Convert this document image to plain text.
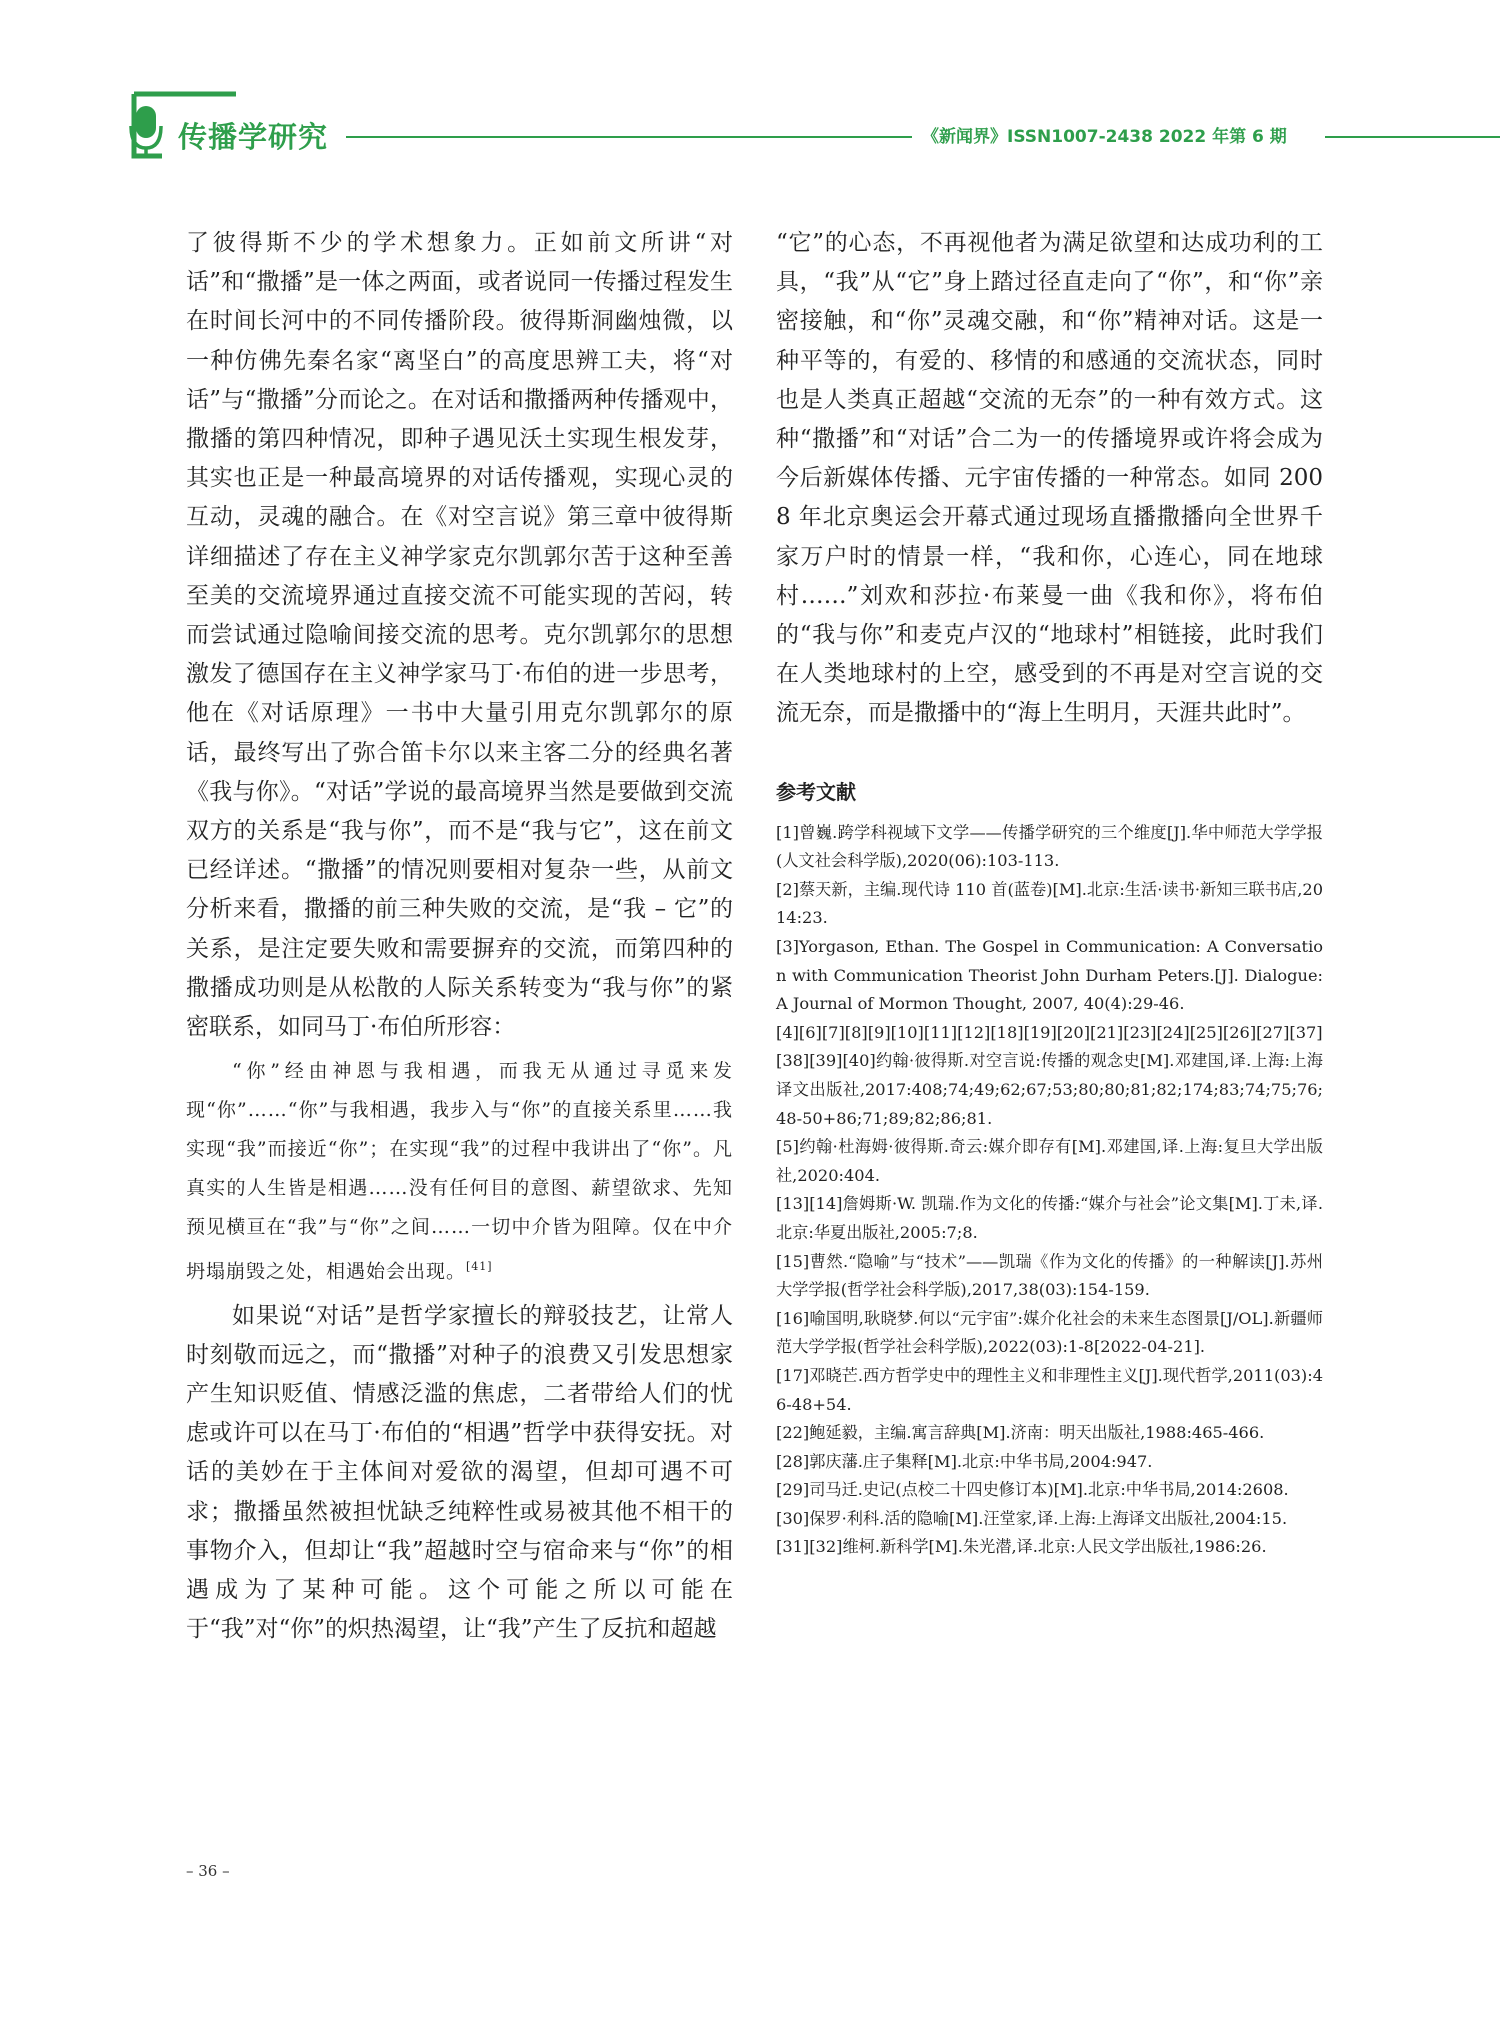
传播学研究	《新闻界》ISSN1007-2438 2022 年第 6 期

了彼得斯不少的学术想象力。正如前文所讲“对话”和“撒播”是一体之两面，或者说同一传播过程发生在时间长河中的不同传播阶段。彼得斯洞幽烛微，以一种仿佛先秦名家“离坚白”的高度思辨工夫，将“对话”与“撒播”分而论之。在对话和撒播两种传播观中，撒播的第四种情况，即种子遇见沃土实现生根发芽，其实也正是一种最高境界的对话传播观，实现心灵的互动，灵魂的融合。在《对空言说》第三章中彼得斯详细描述了存在主义神学家克尔凯郭尔苦于这种至善至美的交流境界通过直接交流不可能实现的苦闷，转而尝试通过隐喻间接交流的思考。克尔凯郭尔的思想激发了德国存在主义神学家马丁·布伯的进一步思考，他在《对话原理》一书中大量引用克尔凯郭尔的原话，最终写出了弥合笛卡尔以来主客二分的经典名著《我与你》。“对话”学说的最高境界当然是要做到交流双方的关系是“我与你”，而不是“我与它”，这在前文已经详述。“撒播”的情况则要相对复杂一些，从前文分析来看，撒播的前三种失败的交流，是“我 – 它”的关系，是注定要失败和需要摒弃的交流，而第四种的撒播成功则是从松散的人际关系转变为“我与你”的紧密联系，如同马丁·布伯所形容：

“你”经由神恩与我相遇，而我无从通过寻觅来发现“你”……“你”与我相遇，我步入与“你”的直接关系里……我实现“我”而接近“你”；在实现“我”的过程中我讲出了“你”。凡真实的人生皆是相遇……没有任何目的意图、薪望欲求、先知预见横亘在“我”与“你”之间……一切中介皆为阻障。仅在中介坍塌崩毁之处，相遇始会出现。[41]

如果说“对话”是哲学家擅长的辩驳技艺，让常人时刻敬而远之，而“撒播”对种子的浪费又引发思想家产生知识贬值、情感泛滥的焦虑，二者带给人们的忧虑或许可以在马丁·布伯的“相遇”哲学中获得安抚。对话的美妙在于主体间对爱欲的渴望，但却可遇不可求；撒播虽然被担忧缺乏纯粹性或易被其他不相干的事物介入，但却让“我”超越时空与宿命来与“你”的相遇成为了某种可能。这个可能之所以可能在于“我”对“你”的炽热渴望，让“我”产生了反抗和超越

“它”的心态，不再视他者为满足欲望和达成功利的工具，“我”从“它”身上踏过径直走向了“你”，和“你”亲密接触，和“你”灵魂交融，和“你”精神对话。这是一种平等的，有爱的、移情的和感通的交流状态，同时也是人类真正超越“交流的无奈”的一种有效方式。这种“撒播”和“对话”合二为一的传播境界或许将会成为今后新媒体传播、元宇宙传播的一种常态。如同 2008 年北京奥运会开幕式通过现场直播撒播向全世界千家万户时的情景一样，“我和你，心连心，同在地球村……”刘欢和莎拉·布莱曼一曲《我和你》，将布伯的“我与你”和麦克卢汉的“地球村”相链接，此时我们在人类地球村的上空，感受到的不再是对空言说的交流无奈，而是撒播中的“海上生明月，天涯共此时”。

参考文献

[1]曾巍.跨学科视域下文学——传播学研究的三个维度[J].华中师范大学学报(人文社会科学版),2020(06):103-113.

[2]蔡天新，主编.现代诗 110 首(蓝卷)[M].北京:生活·读书·新知三联书店,2014:23.

[3]Yorgason, Ethan. The Gospel in Communication: A Conversation with Communication Theorist John Durham Peters.[J]. Dialogue: A Journal of Mormon Thought, 2007, 40(4):29-46.

[4][6][7][8][9][10][11][12][18][19][20][21][23][24][25][26][27][37][38][39][40]约翰·彼得斯.对空言说:传播的观念史[M].邓建国,译.上海:上海译文出版社,2017:408;74;49;62;67;53;80;80;81;82;174;83;74;75;76;48-50+86;71;89;82;86;81.

[5]约翰·杜海姆·彼得斯.奇云:媒介即存有[M].邓建国,译.上海:复旦大学出版社,2020:404.

[13][14]詹姆斯·W. 凯瑞.作为文化的传播:“媒介与社会”论文集[M].丁未,译.北京:华夏出版社,2005:7;8.

[15]曹然.“隐喻”与“技术”——凯瑞《作为文化的传播》的一种解读[J].苏州大学学报(哲学社会科学版),2017,38(03):154-159.

[16]喻国明,耿晓梦.何以“元宇宙”:媒介化社会的未来生态图景[J/OL].新疆师范大学学报(哲学社会科学版),2022(03):1-8[2022-04-21].

[17]邓晓芒.西方哲学史中的理性主义和非理性主义[J].现代哲学,2011(03):46-48+54.

[22]鲍延毅，主编.寓言辞典[M].济南：明天出版社,1988:465-466.

[28]郭庆藩.庄子集释[M].北京:中华书局,2004:947.

[29]司马迁.史记(点校二十四史修订本)[M].北京:中华书局,2014:2608.

[30]保罗·利科.活的隐喻[M].汪堂家,译.上海:上海译文出版社,2004:15.

[31][32]维柯.新科学[M].朱光潜,译.北京:人民文学出版社,1986:26.

– 36 –
